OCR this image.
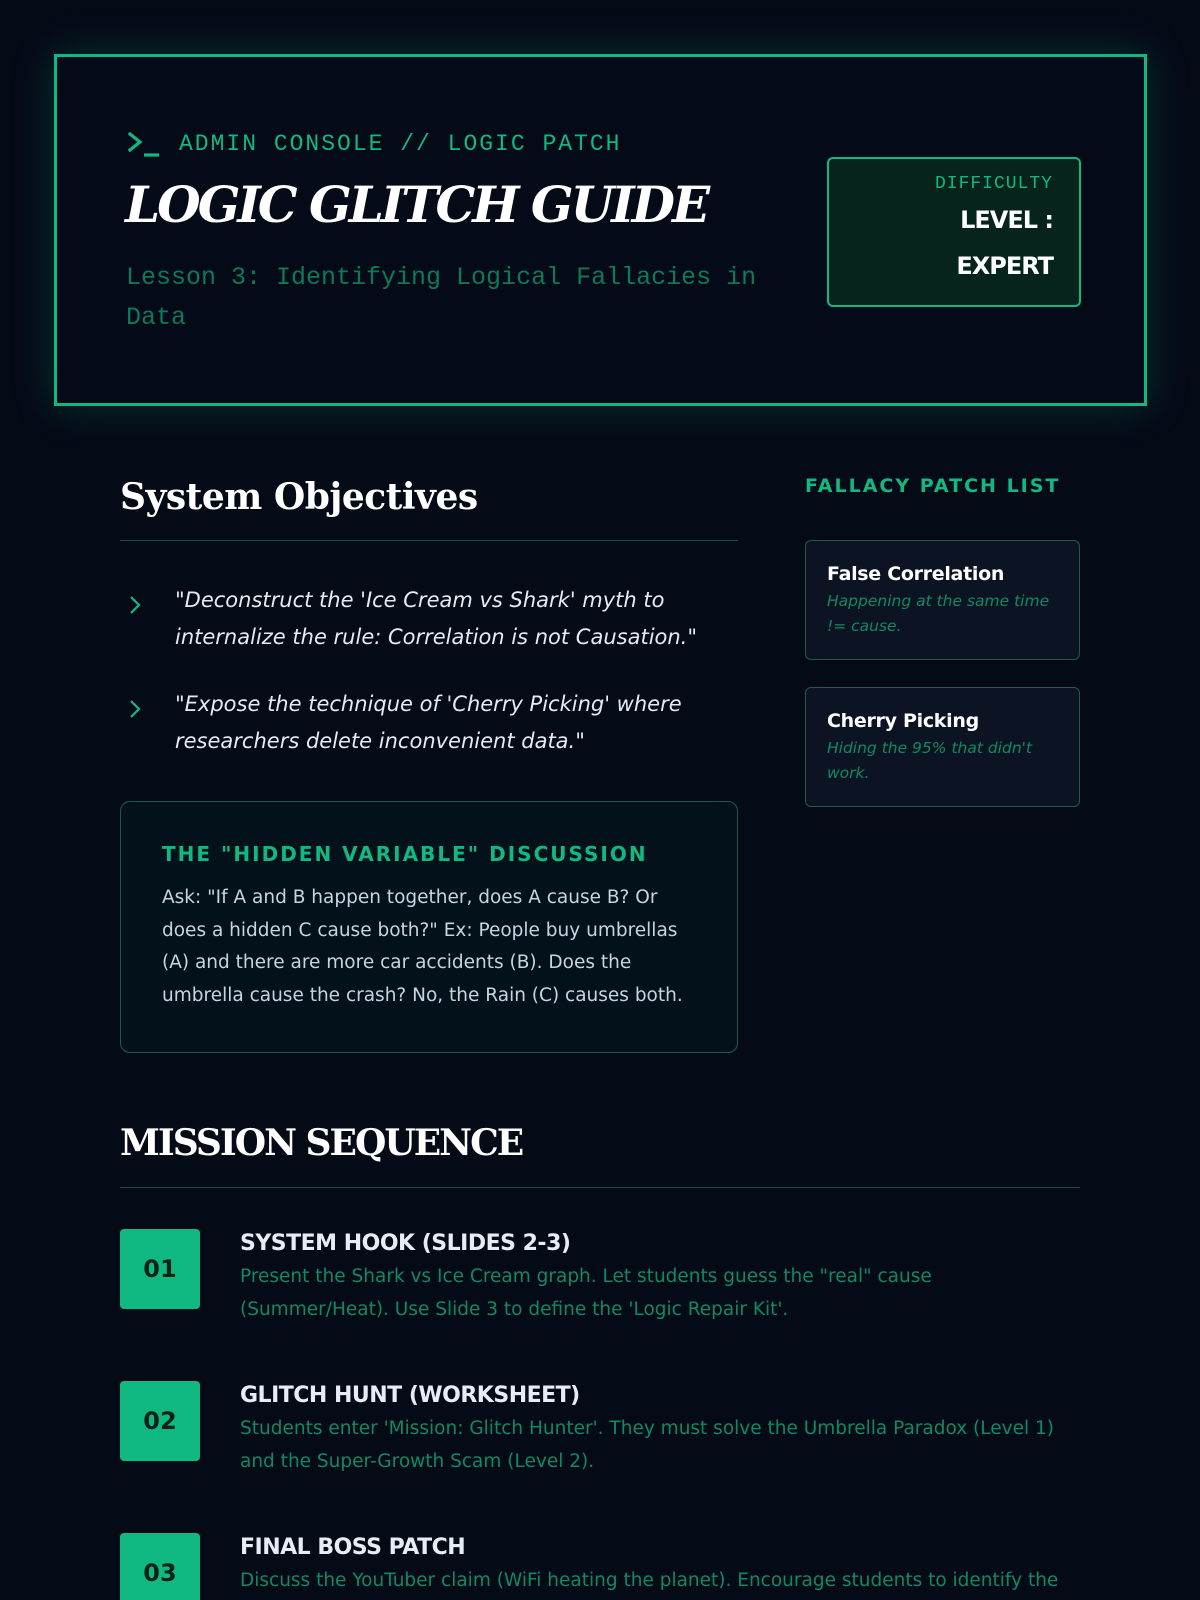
ADMIN CONSOLE // LOGIC PATCH
LOGIC GLITCH GUIDE
Lesson 3: Identifying Logical Fallacies in Data
DIFFICULTY
LEVEL :
EXPERT
System Objectives

"Deconstruct the 'Ice Cream vs Shark' myth to internalize the rule: Correlation is not Causation."

"Expose the technique of 'Cherry Picking' where researchers delete inconvenient data."

THE "HIDDEN VARIABLE" DISCUSSION

Ask: "If A and B happen together, does A cause B? Or does a hidden C cause both?" Ex: People buy umbrellas (A) and there are more car accidents (B). Does the umbrella cause the crash? No, the Rain (C) causes both.

FALLACY PATCH LIST
False Correlation
Happening at the same time != cause.
Cherry Picking
Hiding the 95% that didn't work.
MISSION SEQUENCE
01
SYSTEM HOOK (SLIDES 2-3)

Present the Shark vs Ice Cream graph. Let students guess the "real" cause (Summer/Heat). Use Slide 3 to define the 'Logic Repair Kit'.

02
GLITCH HUNT (WORKSHEET)

Students enter 'Mission: Glitch Hunter'. They must solve the Umbrella Paradox (Level 1) and the Super-Growth Scam (Level 2).

03
FINAL BOSS PATCH

Discuss the YouTuber claim (WiFi heating the planet). Encourage students to identify the
